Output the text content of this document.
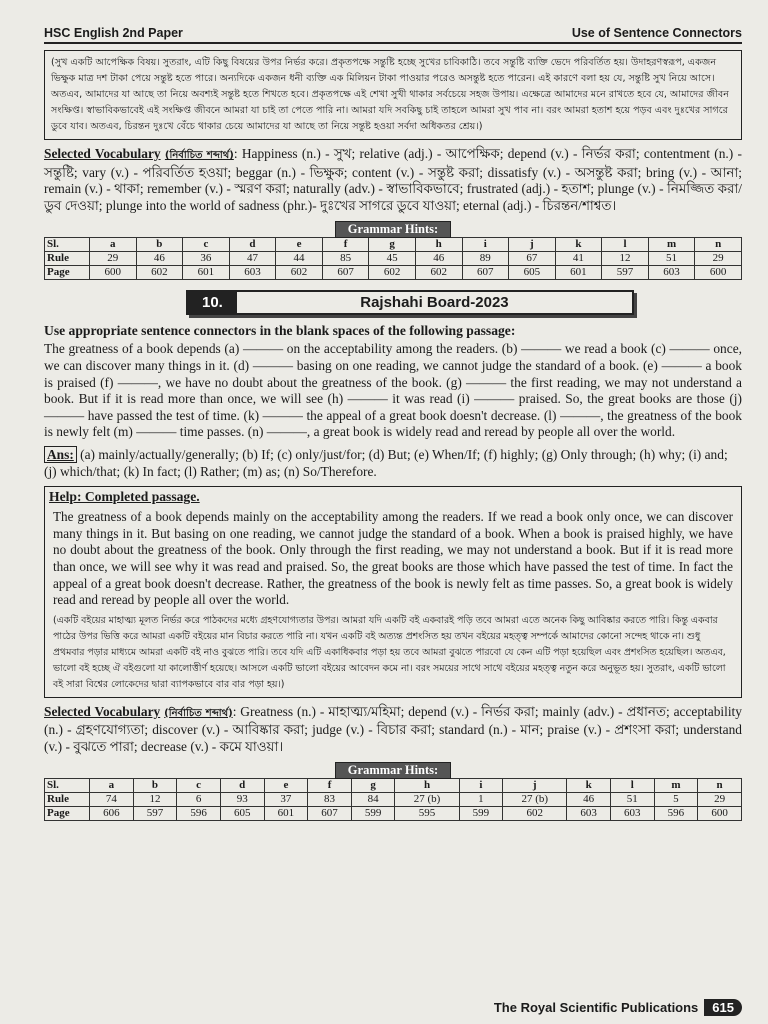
HSC English 2nd Paper	Use of Sentence Connectors
(সুখ একটি আপেক্ষিক বিষয়। সুতরাং, এটি কিছু বিষয়ের উপর নির্ভর করে। প্রকৃতপক্ষে সন্তুষ্টি হচ্ছে সুখের চাবিকাঠি। তবে সন্তুষ্টি ব্যক্তি ভেদে পরিবর্তিত হয়। উদাহরণস্বরূপ, একজন ভিক্ষুক মাত্র দশ টাকা পেয়ে সন্তুষ্ট হতে পারে। অন্যদিকে একজন ধনী ব্যক্তি এক মিলিয়ন টাকা পাওয়ার পরেও অসন্তুষ্ট হতে পারেন। এই কারণে বলা হয় যে, সন্তুষ্টি সুখ নিয়ে আসে। অতএব, আমাদের যা আছে তা নিয়ে অবশ্যই সন্তুষ্ট হতে শিখতে হবে। প্রকৃতপক্ষে এই শেখা সুখী থাকার সর্বচেয়ে সহজ উপায়। এক্ষেত্রে আমাদের মনে রাখতে হবে যে, আমাদের জীবন সংক্ষিপ্ত। স্বাভাবিকভাবেই এই সংক্ষিপ্ত জীবনে আমরা যা চাই তা পেতে পারি না। আমরা যদি সবকিছু চাই তাহলে আমরা সুখ পাব না। বরং আমরা হতাশ হয়ে পড়ব এবং দুঃখের সাগরে ডুবে যাব। অতএব, চিরন্তন দুঃখে বেঁচে থাকার চেয়ে আমাদের যা আছে তা নিয়ে সন্তুষ্ট হওয়া সর্বদা অধিকতর শ্রেয়।)

Selected Vocabulary (নির্বাচিত শব্দার্থ): Happiness (n.) - সুখ; relative (adj.) - আপেক্ষিক; depend (v.) - নির্ভর করা; contentment (n.) - সন্তুষ্টি; vary (v.) - পরিবর্তিত হওয়া; beggar (n.) - ভিক্ষুক; content (v.) - সন্তুষ্ট করা; dissatisfy (v.) - অসন্তুষ্ট করা; bring (v.) - আনা; remain (v.) - থাকা; remember (v.) - স্মরণ করা; naturally (adv.) - স্বাভাবিকভাবে; frustrated (adj.) - হতাশ; plunge (v.) - নিমজ্জিত করা/ডুব দেওয়া; plunge into the world of sadness (phr.)- দুঃখের সাগরে ডুবে যাওয়া; eternal (adj.) - চিরন্তন/শাশ্বত।

Grammar Hints:
Sl.	a	b	c	d	e	f	g	h	i	j	k	l	m	n
Rule	29	46	36	47	44	85	45	46	89	67	41	12	51	29
Page	600	602	601	603	602	607	602	602	607	605	601	597	603	600
10.	Rajshahi Board-2023

Use appropriate sentence connectors in the blank spaces of the following passage:

The greatness of a book depends (a) ——— on the acceptability among the readers. (b) ——— we read a book (c) ——— once, we can discover many things in it. (d) ——— basing on one reading, we cannot judge the standard of a book. (e) ——— a book is praised (f) ———, we have no doubt about the greatness of the book. (g) ——— the first reading, we may not understand a book. But if it is read more than once, we will see (h) ——— it was read (i) ——— praised. So, the great books are those (j) ——— have passed the test of time. (k) ——— the appeal of a great book doesn't decrease. (l) ———, the greatness of the book is newly felt (m) ——— time passes. (n) ———, a great book is widely read and reread by people all over the world.

Ans: (a) mainly/actually/generally; (b) If; (c) only/just/for; (d) But; (e) When/If; (f) highly; (g) Only through; (h) why; (i) and; (j) which/that; (k) In fact; (l) Rather; (m) as; (n) So/Therefore.

Help: Completed passage.

The greatness of a book depends mainly on the acceptability among the readers. If we read a book only once, we can discover many things in it. But basing on one reading, we cannot judge the standard of a book. When a book is praised highly, we have no doubt about the greatness of the book. Only through the first reading, we may not understand a book. But if it is read more than once, we will see why it was read and praised. So, the great books are those which have passed the test of time. In fact the appeal of a great book doesn't decrease. Rather, the greatness of the book is newly felt as time passes. So, a great book is widely read and reread by people all over the world.

(একটি বইয়ের মাহাত্ম্য মূলত নির্ভর করে পাঠকদের মধ্যে গ্রহণযোগ্যতার উপর। আমরা যদি একটি বই একবারই পড়ি তবে আমরা এতে অনেক কিছু আবিষ্কার করতে পারি। কিন্তু একবার পাঠের উপর ভিত্তি করে আমরা একটি বইয়ের মান বিচার করতে পারি না। যখন একটি বই অত্যন্ত প্রশংসিত হয় তখন বইয়ের মহত্ত্ব সম্পর্কে আমাদের কোনো সন্দেহ থাকে না। শুধু প্রথমবার পড়ার মাধ্যমে আমরা একটি বই নাও বুঝতে পারি। তবে যদি এটি একাধিকবার পড়া হয় তবে আমরা বুঝতে পারবো যে কেন এটি পড়া হয়েছিল এবং প্রশংসিত হয়েছিল। অতএব, ভালো বই হচ্ছে ঐ বইগুলো যা কালোত্তীর্ণ হয়েছে। আসলে একটি ভালো বইয়ের আবেদন কমে না। বরং সময়ের সাথে সাথে বইয়ের মহত্ত্ব নতুন করে অনুভূত হয়। সুতরাং, একটি ভালো বই সারা বিশ্বের লোকেদের দ্বারা ব্যাপকভাবে বার বার পড়া হয়।)

Selected Vocabulary (নির্বাচিত শব্দার্থ): Greatness (n.) - মাহাত্ম্য/মহিমা; depend (v.) - নির্ভর করা; mainly (adv.) - প্রধানত; acceptability (n.) - গ্রহণযোগ্যতা; discover (v.) - আবিষ্কার করা; judge (v.) - বিচার করা; standard (n.) - মান; praise (v.) - প্রশংসা করা; understand (v.) - বুঝতে পারা; decrease (v.) - কমে যাওয়া।

Grammar Hints:
Sl.	a	b	c	d	e	f	g	h	i	j	k	l	m	n
Rule	74	12	6	93	37	83	84	27 (b)	1	27 (b)	46	51	5	29
Page	606	597	596	605	601	607	599	595	599	602	603	603	596	600
The Royal Scientific Publications	615
